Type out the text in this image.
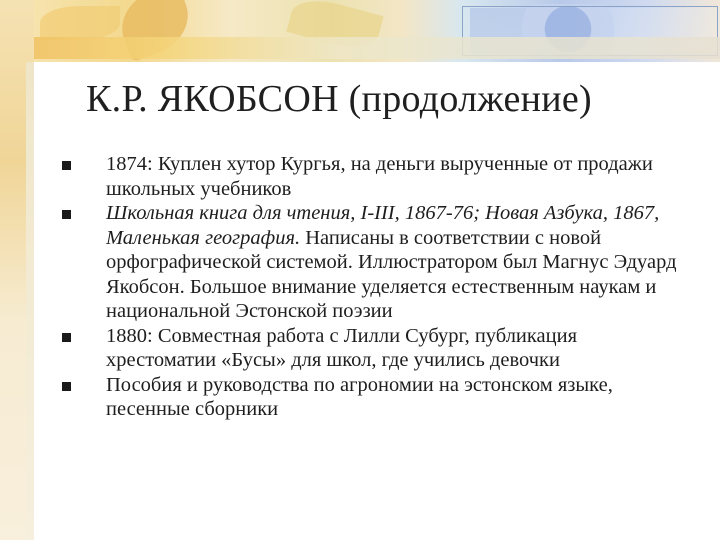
К.Р. ЯКОБСОН (продолжение)
1874: Куплен хутор Кургья, на деньги вырученные от продажи школьных учебников
Школьная книга для чтения, I-III, 1867-76; Новая Азбука, 1867, Маленькая география. Написаны в соответствии с новой орфографической системой. Иллюстратором был Магнус Эдуард Якобсон. Большое внимание уделяется естественным наукам и национальной Эстонской поэзии
1880: Совместная работа с Лилли Субург, публикация хрестоматии «Бусы» для школ, где учились девочки
Пособия и руководства по агрономии на эстонском языке, песенные сборники
